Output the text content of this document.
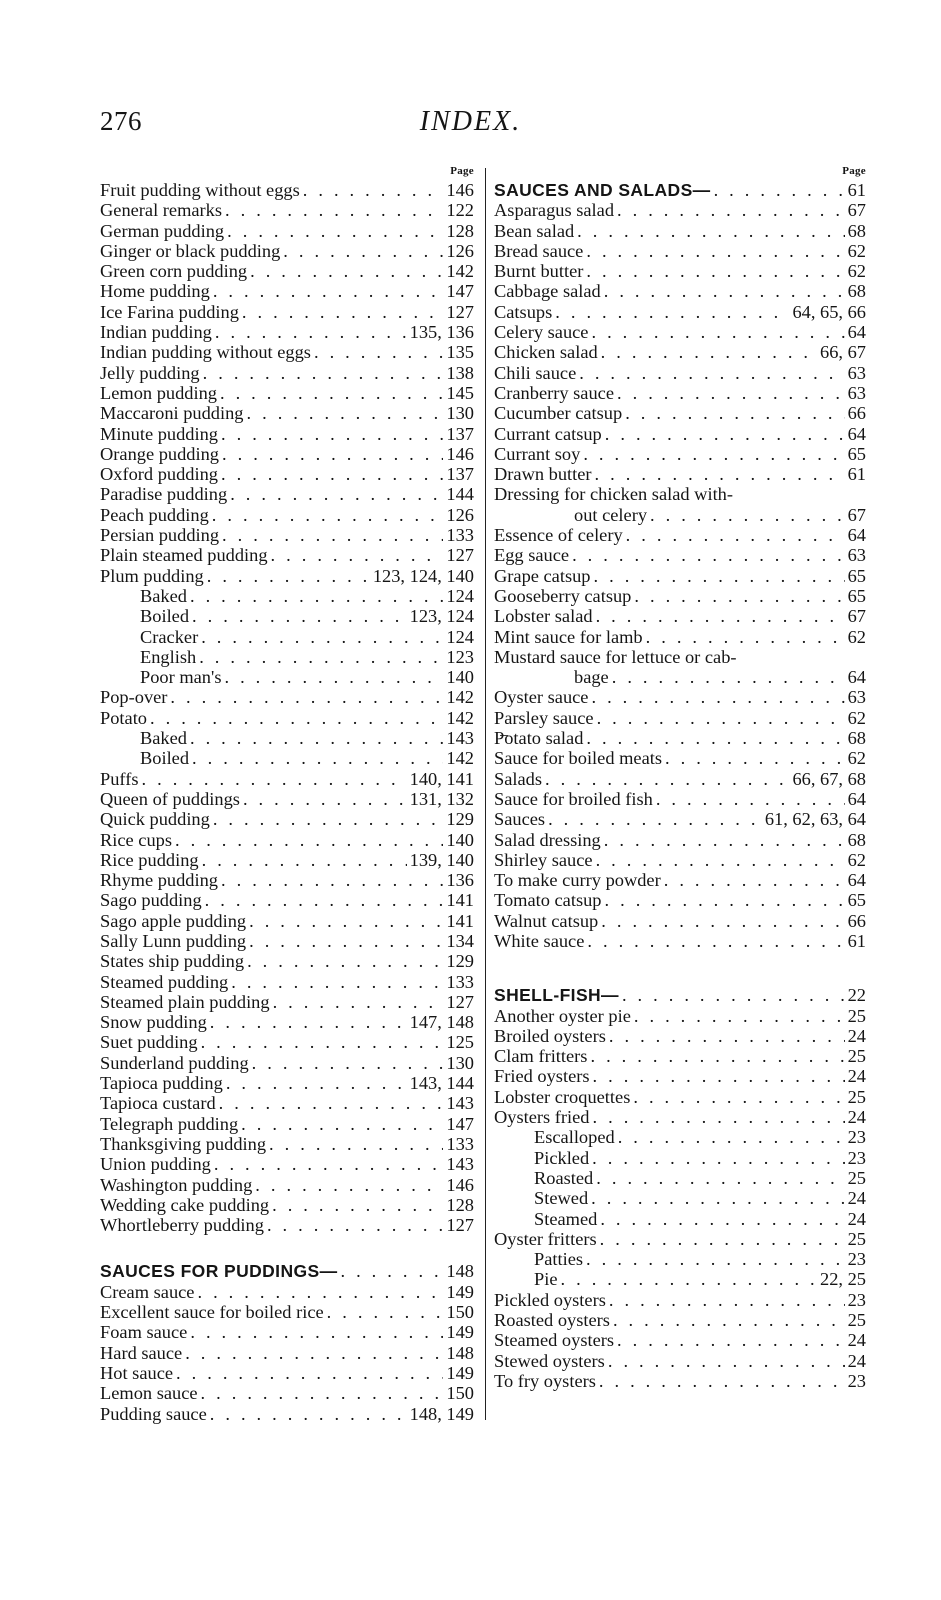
276	INDEX.
Page
Fruit pudding without eggs . . .	146
General remarks . . .	122
German pudding . . .	128
Ginger or black pudding . . .	126
Green corn pudding . . .	142
Home pudding . . .	147
Ice Farina pudding . . .	127
Indian pudding . . .	135, 136
Indian pudding without eggs . . .	135
Jelly pudding . . .	138
Lemon pudding . . .	145
Maccaroni pudding . . .	130
Minute pudding . . .	137
Orange pudding . . .	146
Oxford pudding . . .	137
Paradise pudding . . .	144
Peach pudding . . .	126
Persian pudding . . .	133
Plain steamed pudding . . .	127
Plum pudding . . .	123, 124, 140
Baked . . .	124
Boiled . . .	123, 124
Cracker . . .	124
English . . .	123
Poor man's . . .	140
Pop-over . . .	142
Potato . . .	142
Baked . . .	143
Boiled . . .	142
Puffs . . .	140, 141
Queen of puddings . . .	131, 132
Quick pudding . . .	129
Rice cups . . .	140
Rice pudding . . .	139, 140
Rhyme pudding . . .	136
Sago pudding . . .	141
Sago apple pudding . . .	141
Sally Lunn pudding . . .	134
States ship pudding . . .	129
Steamed pudding . . .	133
Steamed plain pudding . . .	127
Snow pudding . . .	147, 148
Suet pudding . . .	125
Sunderland pudding . . .	130
Tapioca pudding . . .	143, 144
Tapioca custard . . .	143
Telegraph pudding . . .	147
Thanksgiving pudding . . .	133
Union pudding . . .	143
Washington pudding . . .	146
Wedding cake pudding . . .	128
Whortleberry pudding . . .	127
SAUCES FOR PUDDINGS— . . .	148
Cream sauce . . .	149
Excellent sauce for boiled rice . . .	150
Foam sauce . . .	149
Hard sauce . . .	148
Hot sauce . . .	149
Lemon sauce . . .	150
Pudding sauce . . .	148, 149
Page
SAUCES AND SALADS— . . .	61
Asparagus salad . . .	67
Bean salad . . .	68
Bread sauce . . .	62
Burnt butter . . .	62
Cabbage salad . . .	68
Catsups . . .	64, 65, 66
Celery sauce . . .	64
Chicken salad . . .	66, 67
Chili sauce . . .	63
Cranberry sauce . . .	63
Cucumber catsup . . .	66
Currant catsup . . .	64
Currant soy . . .	65
Drawn butter . . .	61
Dressing for chicken salad with-
out celery . . .	67
Essence of celery . . .	64
Egg sauce . . .	63
Grape catsup . . .	65
Gooseberry catsup . . .	65
Lobster salad . . .	67
Mint sauce for lamb . . .	62
Mustard sauce for lettuce or cab-
bage . . .	64
Oyster sauce . . .	63
Parsley sauce . . .	62
Potato salad . . .	68
Sauce for boiled meats . . .	62
Salads . . .	66, 67, 68
Sauce for broiled fish . . .	64
Sauces . . .	61, 62, 63, 64
Salad dressing . . .	68
Shirley sauce . . .	62
To make curry powder . . .	64
Tomato catsup . . .	65
Walnut catsup . . .	66
White sauce . . .	61
SHELL-FISH— . . .	22
Another oyster pie . . .	25
Broiled oysters . . .	24
Clam fritters . . .	25
Fried oysters . . .	24
Lobster croquettes . . .	25
Oysters fried . . .	24
Escalloped . . .	23
Pickled . . .	23
Roasted . . .	25
Stewed . . .	24
Steamed . . .	24
Oyster fritters . . .	25
Patties . . .	23
Pie . . .	22, 25
Pickled oysters . . .	23
Roasted oysters . . .	25
Steamed oysters . . .	24
Stewed oysters . . .	24
To fry oysters . . .	23
